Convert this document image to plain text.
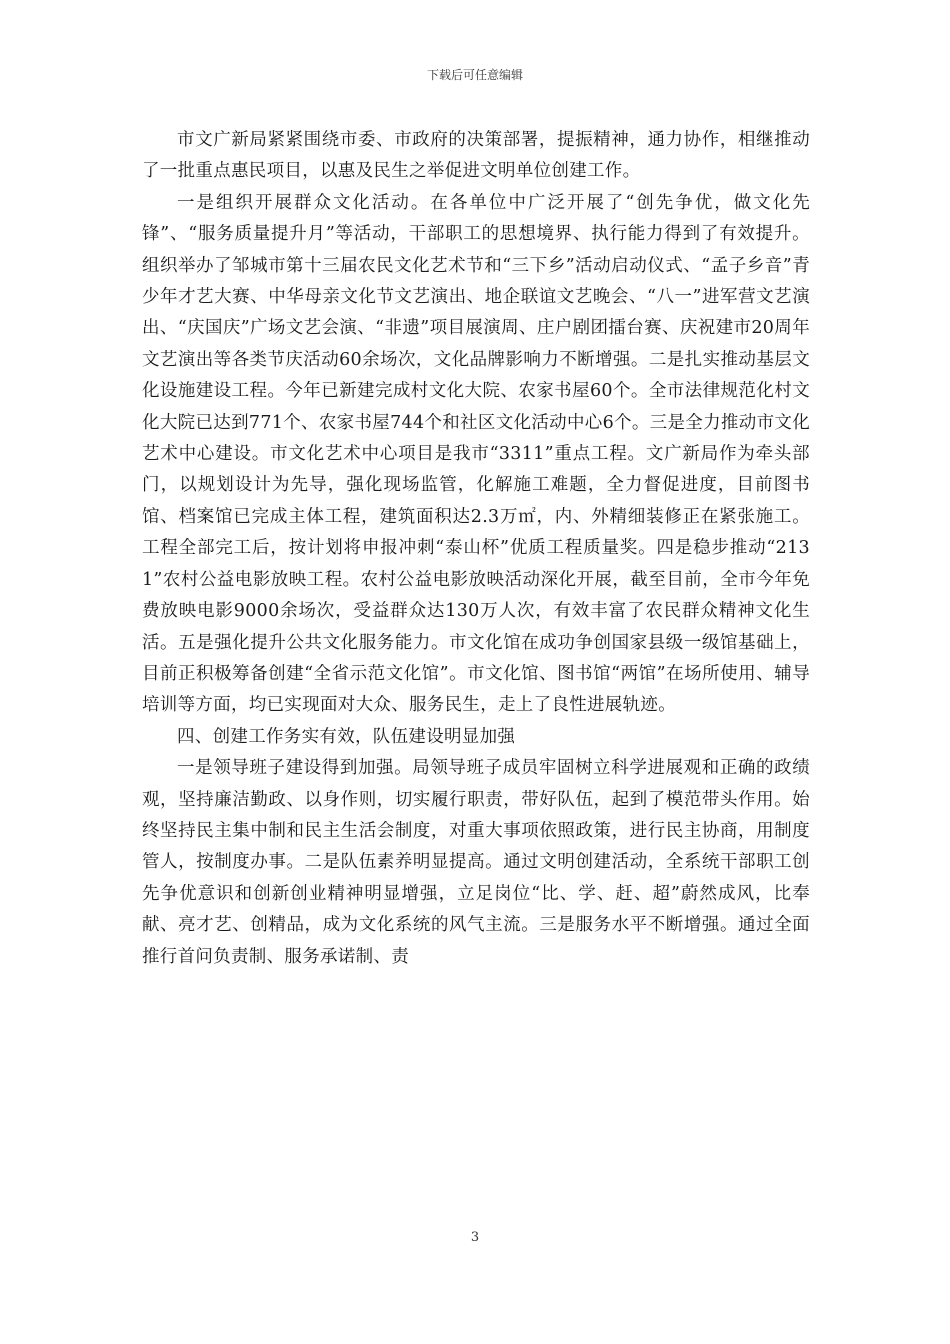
下载后可任意编辑

市文广新局紧紧围绕市委、市政府的决策部署，提振精神，通力协作，相继推动了一批重点惠民项目，以惠及民生之举促进文明单位创建工作。

一是组织开展群众文化活动。在各单位中广泛开展了“创先争优，做文化先锋”、“服务质量提升月”等活动，干部职工的思想境界、执行能力得到了有效提升。组织举办了邹城市第十三届农民文化艺术节和“三下乡”活动启动仪式、“孟子乡音”青少年才艺大赛、中华母亲文化节文艺演出、地企联谊文艺晚会、“八一”进军营文艺演出、“庆国庆”广场文艺会演、“非遗”项目展演周、庄户剧团擂台赛、庆祝建市20周年文艺演出等各类节庆活动60余场次，文化品牌影响力不断增强。二是扎实推动基层文化设施建设工程。今年已新建完成村文化大院、农家书屋60个。全市法律规范化村文化大院已达到771个、农家书屋744个和社区文化活动中心6个。三是全力推动市文化艺术中心建设。市文化艺术中心项目是我市“3311”重点工程。文广新局作为牵头部门，以规划设计为先导，强化现场监管，化解施工难题，全力督促进度，目前图书馆、档案馆已完成主体工程，建筑面积达2.3万㎡，内、外精细装修正在紧张施工。工程全部完工后，按计划将申报冲刺“泰山杯”优质工程质量奖。四是稳步推动“2131”农村公益电影放映工程。农村公益电影放映活动深化开展，截至目前，全市今年免费放映电影9000余场次，受益群众达130万人次，有效丰富了农民群众精神文化生活。五是强化提升公共文化服务能力。市文化馆在成功争创国家县级一级馆基础上，目前正积极筹备创建“全省示范文化馆”。市文化馆、图书馆“两馆”在场所使用、辅导培训等方面，均已实现面对大众、服务民生，走上了良性进展轨迹。

四、创建工作务实有效，队伍建设明显加强

一是领导班子建设得到加强。局领导班子成员牢固树立科学进展观和正确的政绩观，坚持廉洁勤政、以身作则，切实履行职责，带好队伍，起到了模范带头作用。始终坚持民主集中制和民主生活会制度，对重大事项依照政策，进行民主协商，用制度管人，按制度办事。二是队伍素养明显提高。通过文明创建活动，全系统干部职工创先争优意识和创新创业精神明显增强，立足岗位“比、学、赶、超”蔚然成风，比奉献、亮才艺、创精品，成为文化系统的风气主流。三是服务水平不断增强。通过全面推行首问负责制、服务承诺制、责

3
